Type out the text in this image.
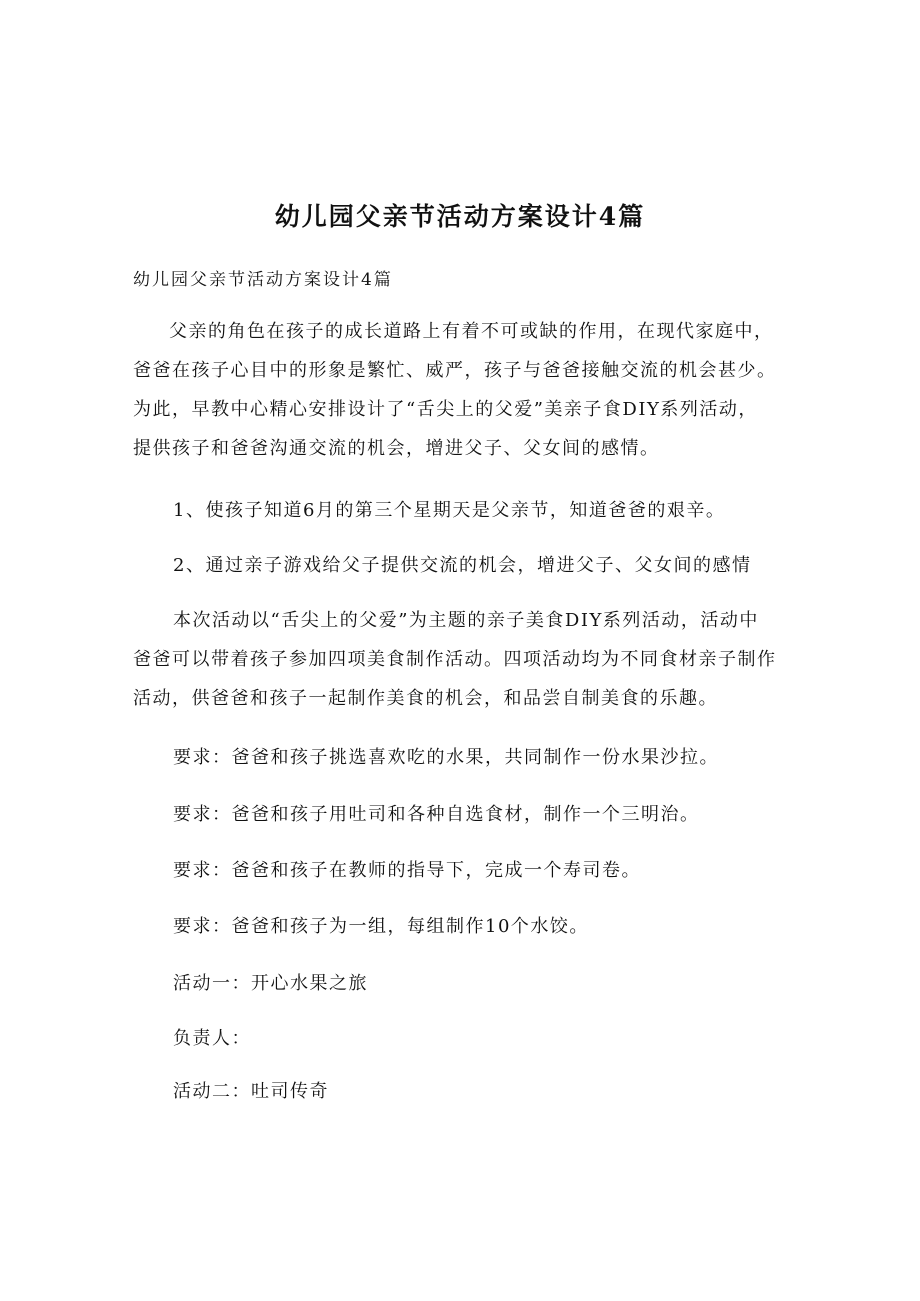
幼儿园父亲节活动方案设计4篇

幼儿园父亲节活动方案设计4篇

父亲的角色在孩子的成长道路上有着不可或缺的作用，在现代家庭中，
爸爸在孩子心目中的形象是繁忙、威严，孩子与爸爸接触交流的机会甚少。
为此，早教中心精心安排设计了“舌尖上的父爱”美亲子食DIY系列活动，
提供孩子和爸爸沟通交流的机会，增进父子、父女间的感情。

1、使孩子知道6月的第三个星期天是父亲节，知道爸爸的艰辛。

2、通过亲子游戏给父子提供交流的机会，增进父子、父女间的感情

本次活动以“舌尖上的父爱”为主题的亲子美食DIY系列活动，活动中
爸爸可以带着孩子参加四项美食制作活动。四项活动均为不同食材亲子制作
活动，供爸爸和孩子一起制作美食的机会，和品尝自制美食的乐趣。

要求：爸爸和孩子挑选喜欢吃的水果，共同制作一份水果沙拉。

要求：爸爸和孩子用吐司和各种自选食材，制作一个三明治。

要求：爸爸和孩子在教师的指导下，完成一个寿司卷。

要求：爸爸和孩子为一组，每组制作10个水饺。

活动一：开心水果之旅

负责人：

活动二：吐司传奇
